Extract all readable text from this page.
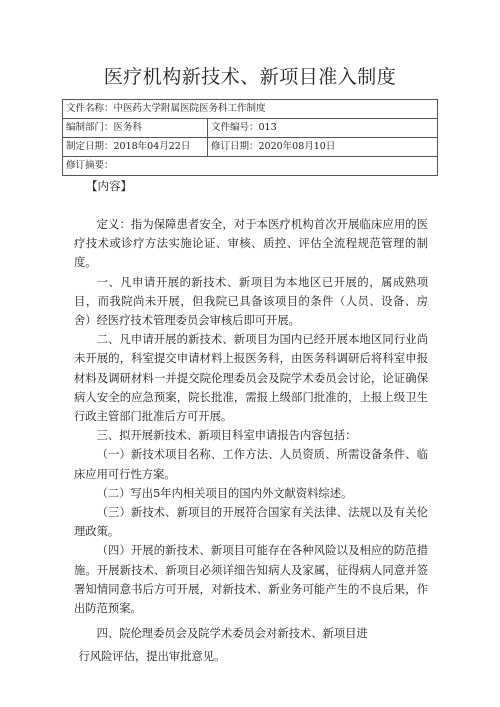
医疗机构新技术、新项目准入制度
文件名称：中医药大学附属医院医务科工作制度	
编制部门：医务科	文件编号：013
制定日期：2018年04月22日	修订日期：2020年08月10日
修订摘要：	
【内容】

定义：指为保障患者安全，对于本医疗机构首次开展临床应用的医疗技术或诊疗方法实施论证、审核、质控、评估全流程规范管理的制度。

一、凡申请开展的新技术、新项目为本地区已开展的，属成熟项目，而我院尚未开展，但我院已具备该项目的条件（人员、设备、房舍）经医疗技术管理委员会审核后即可开展。

二、凡申请开展的新技术、新项目为国内已经开展本地区同行业尚未开展的，科室提交申请材料上报医务科，由医务科调研后将科室申报材料及调研材料一并提交院伦理委员会及院学术委员会讨论，论证确保病人安全的应急预案，院长批准，需报上级部门批准的，上报上级卫生行政主管部门批准后方可开展。

三、拟开展新技术、新项目科室申请报告内容包括：

（一）新技术项目名称、工作方法、人员资质、所需设备条件、临床应用可行性方案。

（二）写出5年内相关项目的国内外文献资料综述。

（三）新技术、新项目的开展符合国家有关法律、法规以及有关伦理政策。

（四）开展的新技术、新项目可能存在各种风险以及相应的防范措施。开展新技术、新项目必须详细告知病人及家属，征得病人同意并签署知情同意书后方可开展，对新技术、新业务可能产生的不良后果，作出防范预案。

四、院伦理委员会及院学术委员会对新技术、新项目进

行风险评估，提出审批意见。
